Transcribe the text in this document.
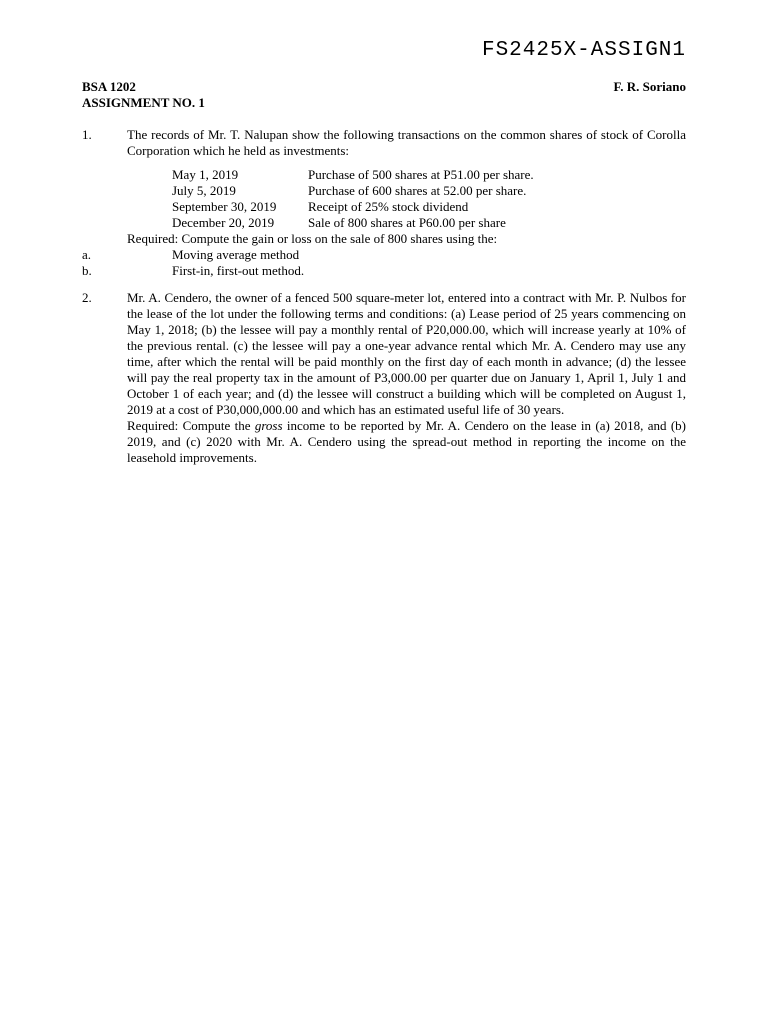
FS2425X-ASSIGN1
BSA 1202
ASSIGNMENT NO. 1
F. R. Soriano
1.	The records of Mr. T. Nalupan show the following transactions on the common shares of stock of Corolla Corporation which he held as investments:

May 1, 2019	Purchase of 500 shares at P51.00 per share.
July 5, 2019	Purchase of 600 shares at 52.00 per share.
September 30, 2019	Receipt of 25% stock dividend
December 20, 2019	Sale of 800 shares at P60.00 per share

Required: Compute the gain or loss on the sale of 800 shares using the:

a.	Moving average method
b.	First-in, first-out method.
2.	Mr. A. Cendero, the owner of a fenced 500 square-meter lot, entered into a contract with Mr. P. Nulbos for the lease of the lot under the following terms and conditions: (a) Lease period of 25 years commencing on May 1, 2018; (b) the lessee will pay a monthly rental of P20,000.00, which will increase yearly at 10% of the previous rental. (c) the lessee will pay a one-year advance rental which Mr. A. Cendero may use any time, after which the rental will be paid monthly on the first day of each month in advance; (d) the lessee will pay the real property tax in the amount of P3,000.00 per quarter due on January 1, April 1, July 1 and October 1 of each year; and (d) the lessee will construct a building which will be completed on August 1, 2019 at a cost of P30,000,000.00 and which has an estimated useful life of 30 years.

Required: Compute the gross income to be reported by Mr. A. Cendero on the lease in (a) 2018, and (b) 2019, and (c) 2020 with Mr. A. Cendero using the spread-out method in reporting the income on the leasehold improvements.
